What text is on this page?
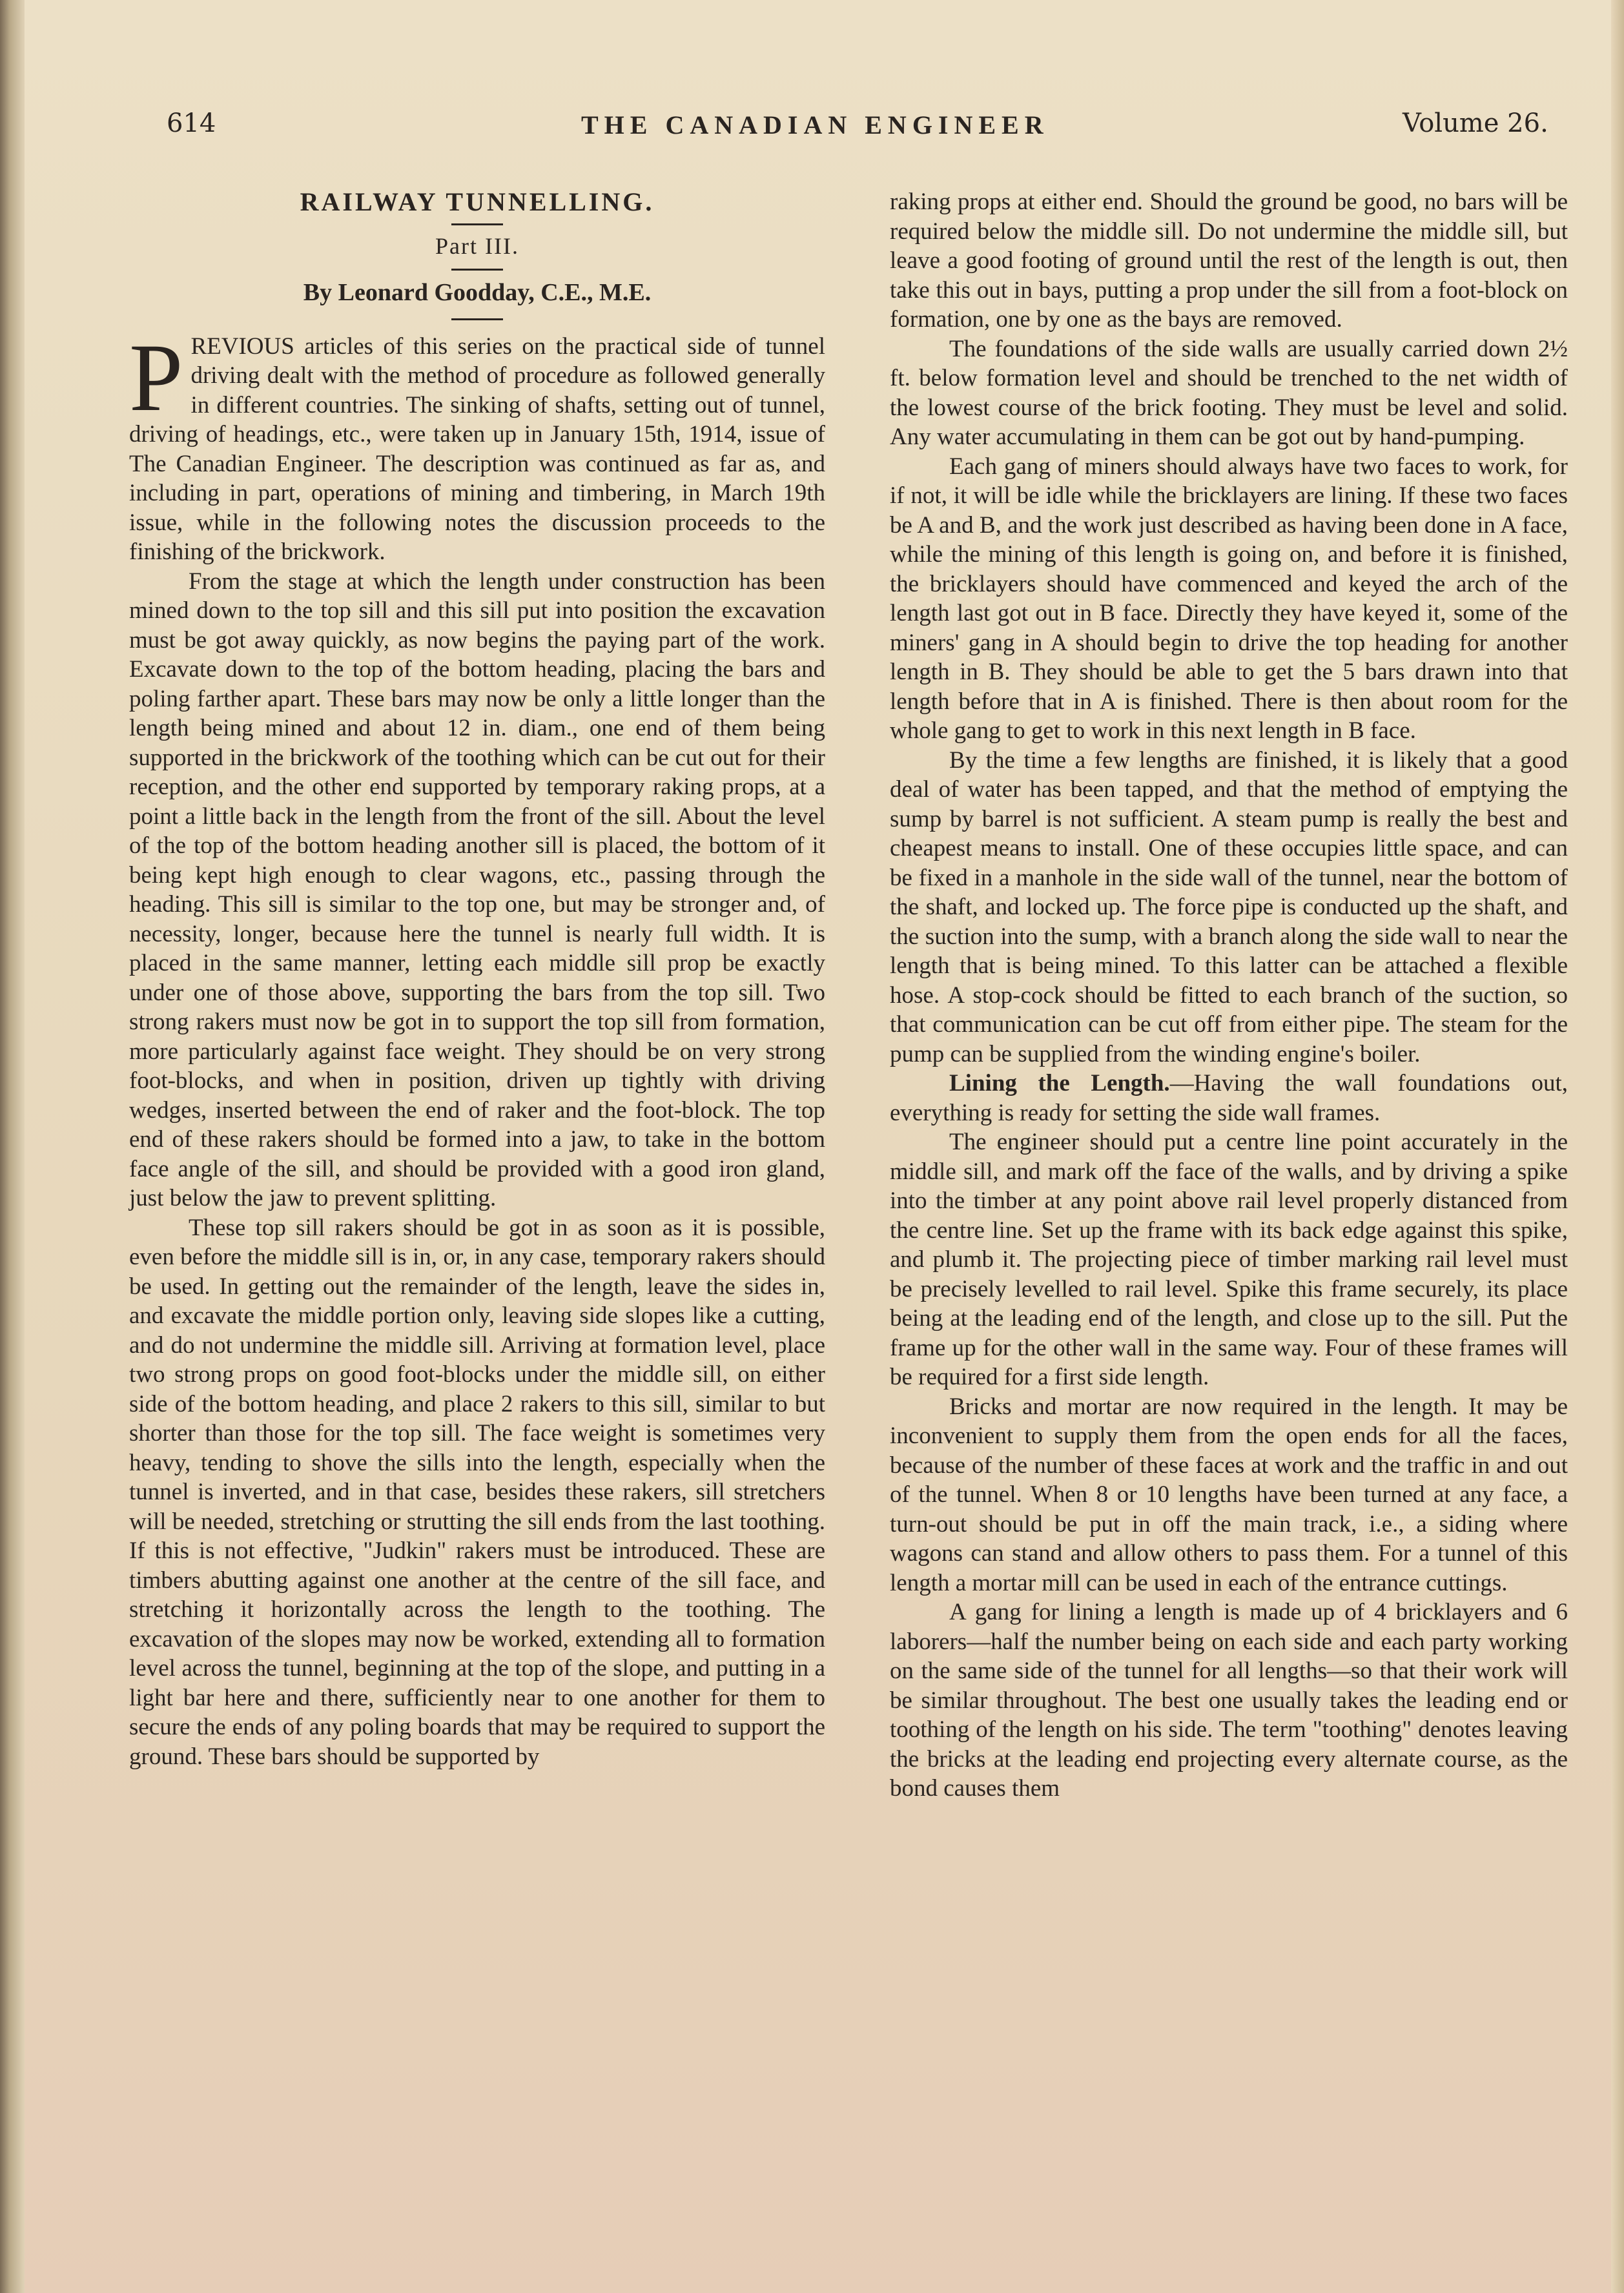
614	THE CANADIAN ENGINEER	Volume 26.
RAILWAY TUNNELLING.
Part III.
By Leonard Goodday, C.E., M.E.

PREVIOUS articles of this series on the practical side of tunnel driving dealt with the method of procedure as followed generally in different countries. The sinking of shafts, setting out of tunnel, driving of headings, etc., were taken up in January 15th, 1914, issue of The Canadian Engineer. The description was continued as far as, and including in part, operations of mining and timbering, in March 19th issue, while in the following notes the discussion proceeds to the finishing of the brickwork.

From the stage at which the length under construction has been mined down to the top sill and this sill put into position the excavation must be got away quickly, as now begins the paying part of the work. Excavate down to the top of the bottom heading, placing the bars and poling farther apart. These bars may now be only a little longer than the length being mined and about 12 in. diam., one end of them being supported in the brickwork of the toothing which can be cut out for their reception, and the other end supported by temporary raking props, at a point a little back in the length from the front of the sill. About the level of the top of the bottom heading another sill is placed, the bottom of it being kept high enough to clear wagons, etc., passing through the heading. This sill is similar to the top one, but may be stronger and, of necessity, longer, because here the tunnel is nearly full width. It is placed in the same manner, letting each middle sill prop be exactly under one of those above, supporting the bars from the top sill. Two strong rakers must now be got in to support the top sill from formation, more particularly against face weight. They should be on very strong foot-blocks, and when in position, driven up tightly with driving wedges, inserted between the end of raker and the foot-block. The top end of these rakers should be formed into a jaw, to take in the bottom face angle of the sill, and should be provided with a good iron gland, just below the jaw to prevent splitting.

These top sill rakers should be got in as soon as it is possible, even before the middle sill is in, or, in any case, temporary rakers should be used. In getting out the remainder of the length, leave the sides in, and excavate the middle portion only, leaving side slopes like a cutting, and do not undermine the middle sill. Arriving at formation level, place two strong props on good foot-blocks under the middle sill, on either side of the bottom heading, and place 2 rakers to this sill, similar to but shorter than those for the top sill. The face weight is sometimes very heavy, tending to shove the sills into the length, especially when the tunnel is inverted, and in that case, besides these rakers, sill stretchers will be needed, stretching or strutting the sill ends from the last toothing. If this is not effective, "Judkin" rakers must be introduced. These are timbers abutting against one another at the centre of the sill face, and stretching it horizontally across the length to the toothing. The excavation of the slopes may now be worked, extending all to formation level across the tunnel, beginning at the top of the slope, and putting in a light bar here and there, sufficiently near to one another for them to secure the ends of any poling boards that may be required to support the ground. These bars should be supported by

raking props at either end. Should the ground be good, no bars will be required below the middle sill. Do not undermine the middle sill, but leave a good footing of ground until the rest of the length is out, then take this out in bays, putting a prop under the sill from a foot-block on formation, one by one as the bays are removed.

The foundations of the side walls are usually carried down 2½ ft. below formation level and should be trenched to the net width of the lowest course of the brick footing. They must be level and solid. Any water accumulating in them can be got out by hand-pumping.

Each gang of miners should always have two faces to work, for if not, it will be idle while the bricklayers are lining. If these two faces be A and B, and the work just described as having been done in A face, while the mining of this length is going on, and before it is finished, the bricklayers should have commenced and keyed the arch of the length last got out in B face. Directly they have keyed it, some of the miners' gang in A should begin to drive the top heading for another length in B. They should be able to get the 5 bars drawn into that length before that in A is finished. There is then about room for the whole gang to get to work in this next length in B face.

By the time a few lengths are finished, it is likely that a good deal of water has been tapped, and that the method of emptying the sump by barrel is not sufficient. A steam pump is really the best and cheapest means to install. One of these occupies little space, and can be fixed in a manhole in the side wall of the tunnel, near the bottom of the shaft, and locked up. The force pipe is conducted up the shaft, and the suction into the sump, with a branch along the side wall to near the length that is being mined. To this latter can be attached a flexible hose. A stop-cock should be fitted to each branch of the suction, so that communication can be cut off from either pipe. The steam for the pump can be supplied from the winding engine's boiler.

Lining the Length.—Having the wall foundations out, everything is ready for setting the side wall frames.

The engineer should put a centre line point accurately in the middle sill, and mark off the face of the walls, and by driving a spike into the timber at any point above rail level properly distanced from the centre line. Set up the frame with its back edge against this spike, and plumb it. The projecting piece of timber marking rail level must be precisely levelled to rail level. Spike this frame securely, its place being at the leading end of the length, and close up to the sill. Put the frame up for the other wall in the same way. Four of these frames will be required for a first side length.

Bricks and mortar are now required in the length. It may be inconvenient to supply them from the open ends for all the faces, because of the number of these faces at work and the traffic in and out of the tunnel. When 8 or 10 lengths have been turned at any face, a turn-out should be put in off the main track, i.e., a siding where wagons can stand and allow others to pass them. For a tunnel of this length a mortar mill can be used in each of the entrance cuttings.

A gang for lining a length is made up of 4 bricklayers and 6 laborers—half the number being on each side and each party working on the same side of the tunnel for all lengths—so that their work will be similar throughout. The best one usually takes the leading end or toothing of the length on his side. The term "toothing" denotes leaving the bricks at the leading end projecting every alternate course, as the bond causes them
